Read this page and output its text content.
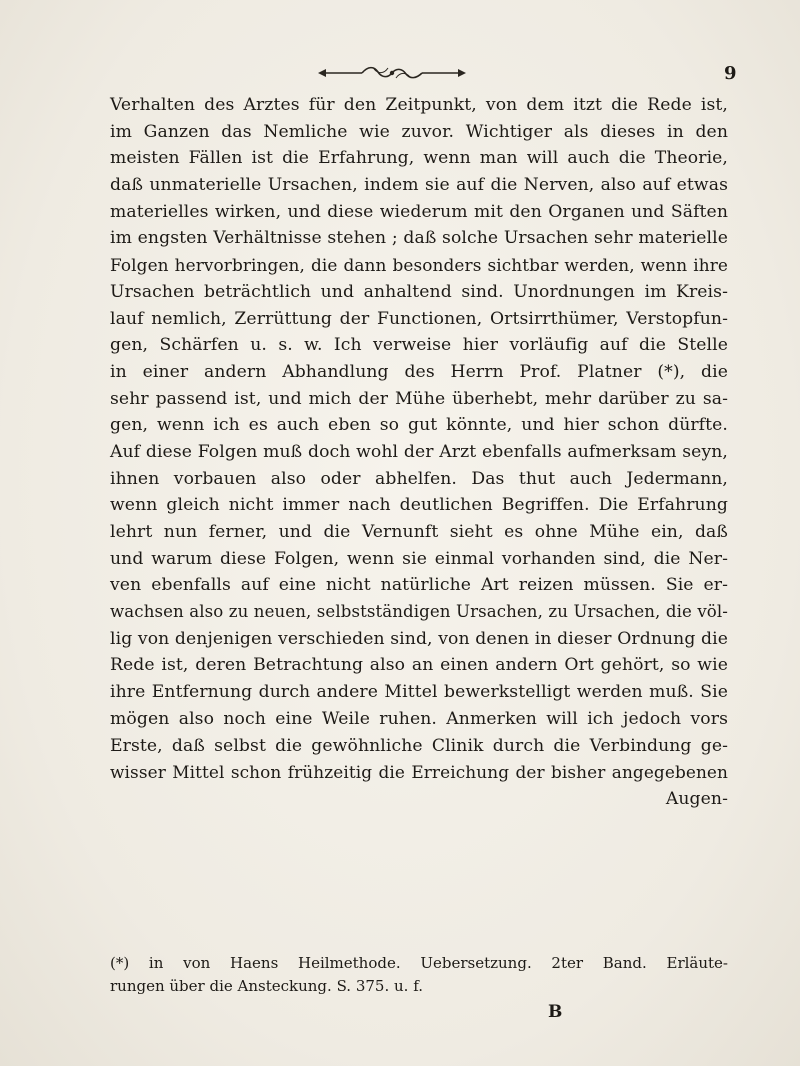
9
Verhalten des Arztes für den Zeitpunkt, von dem itzt die Rede ist,
im Ganzen das Nemliche wie zuvor. Wichtiger als dieses in den
meisten Fällen ist die Erfahrung, wenn man will auch die Theorie,
daß unmaterielle Ursachen, indem sie auf die Nerven, also auf etwas
materielles wirken, und diese wiederum mit den Organen und Säften
im engsten Verhältnisse stehen ; daß solche Ursachen sehr materielle
Folgen hervorbringen, die dann besonders sichtbar werden, wenn ihre
Ursachen beträchtlich und anhaltend sind. Unordnungen im Kreis-
lauf nemlich, Zerrüttung der Functionen, Ortsirrthümer, Verstopfun-
gen, Schärfen u. s. w. Ich verweise hier vorläufig auf die Stelle
in einer andern Abhandlung des Herrn Prof. Platner (*), die
sehr passend ist, und mich der Mühe überhebt, mehr darüber zu sa-
gen, wenn ich es auch eben so gut könnte, und hier schon dürfte.
Auf diese Folgen muß doch wohl der Arzt ebenfalls aufmerksam seyn,
ihnen vorbauen also oder abhelfen. Das thut auch Jedermann,
wenn gleich nicht immer nach deutlichen Begriffen. Die Erfahrung
lehrt nun ferner, und die Vernunft sieht es ohne Mühe ein, daß
und warum diese Folgen, wenn sie einmal vorhanden sind, die Ner-
ven ebenfalls auf eine nicht natürliche Art reizen müssen. Sie er-
wachsen also zu neuen, selbstständigen Ursachen, zu Ursachen, die völ-
lig von denjenigen verschieden sind, von denen in dieser Ordnung die
Rede ist, deren Betrachtung also an einen andern Ort gehört, so wie
ihre Entfernung durch andere Mittel bewerkstelligt werden muß. Sie
mögen also noch eine Weile ruhen. Anmerken will ich jedoch vors
Erste, daß selbst die gewöhnliche Clinik durch die Verbindung ge-
wisser Mittel schon frühzeitig die Erreichung der bisher angegebenen
Augen-
(*) in von Haens Heilmethode. Uebersetzung. 2ter Band. Erläute-
rungen über die Ansteckung. S. 375. u. f.
B
